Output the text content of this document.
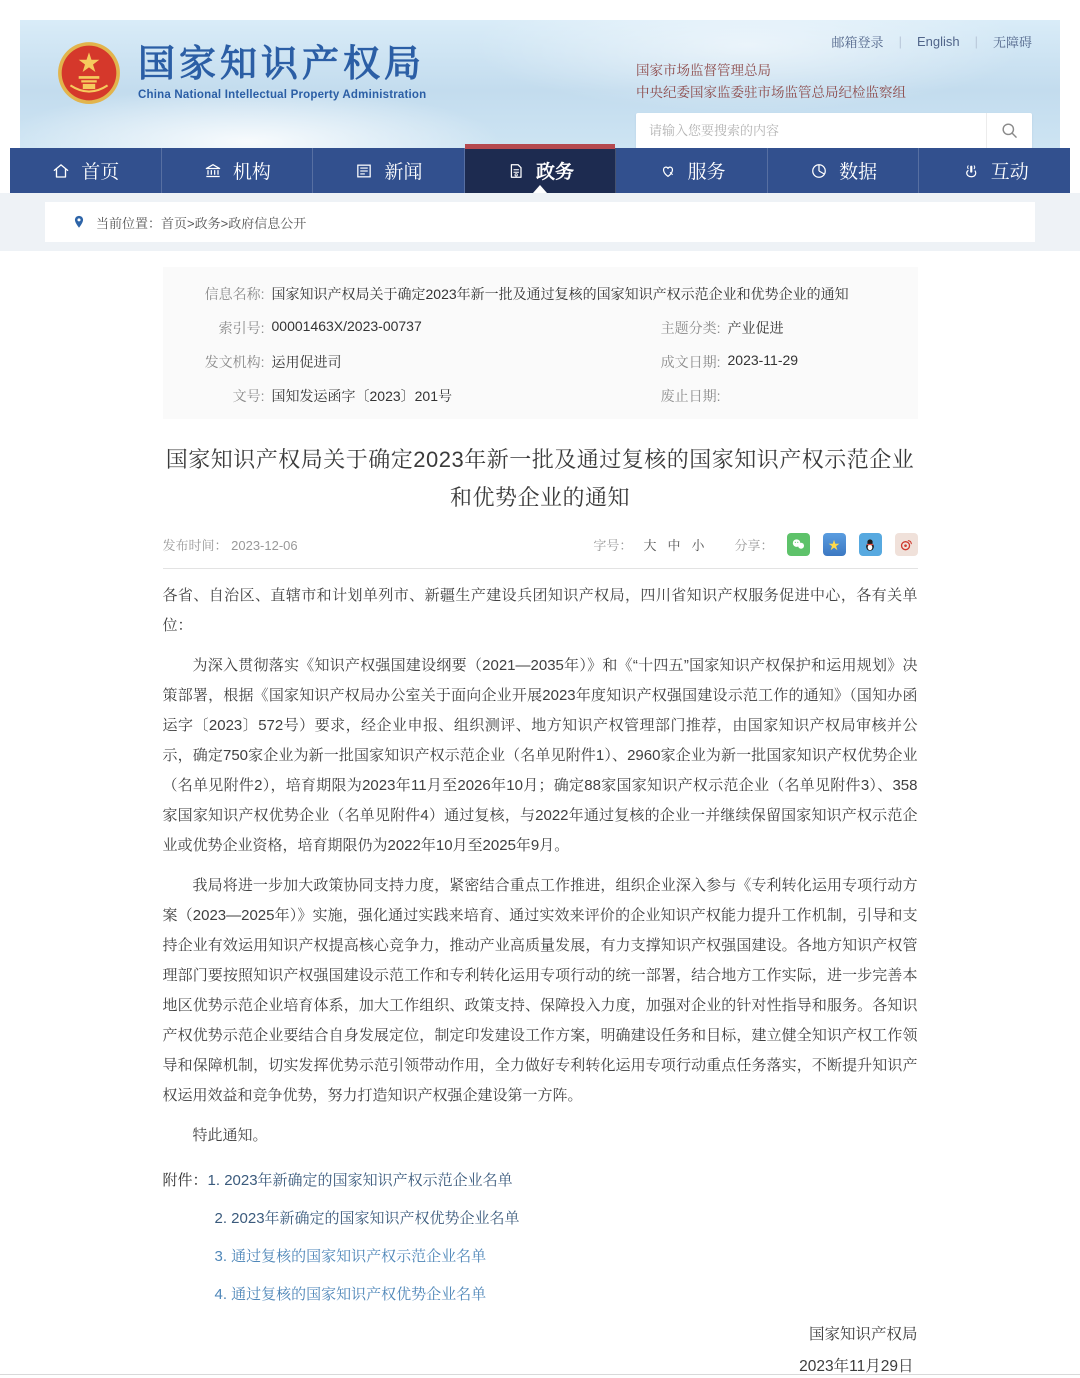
国家知识产权局
China National Intellectual Property Administration
邮箱登录 | English | 无障碍
国家市场监督管理总局
中央纪委国家监委驻市场监管总局纪检监察组
请输入您要搜索的内容
首页	机构	新闻	政务	服务	数据	互动
当前位置： 首页>政务>政府信息公开
信息名称: 国家知识产权局关于确定2023年新一批及通过复核的国家知识产权示范企业和优势企业的通知
索引号: 00001463X/2023-00737	主题分类: 产业促进
发文机构: 运用促进司	成文日期: 2023-11-29
文号: 国知发运函字〔2023〕201号	废止日期:
国家知识产权局关于确定2023年新一批及通过复核的国家知识产权示范企业
和优势企业的通知
发布时间： 2023-12-06	字号： 大 中 小 分享：	★

各省、自治区、直辖市和计划单列市、新疆生产建设兵团知识产权局，四川省知识产权服务促进中心，各有关单位：

为深入贯彻落实《知识产权强国建设纲要（2021—2035年）》和《“十四五”国家知识产权保护和运用规划》决策部署，根据《国家知识产权局办公室关于面向企业开展2023年度知识产权强国建设示范工作的通知》（国知办函运字〔2023〕572号）要求，经企业申报、组织测评、地方知识产权管理部门推荐，由国家知识产权局审核并公示，确定750家企业为新一批国家知识产权示范企业（名单见附件1）、2960家企业为新一批国家知识产权优势企业（名单见附件2），培育期限为2023年11月至2026年10月；确定88家国家知识产权示范企业（名单见附件3）、358家国家知识产权优势企业（名单见附件4）通过复核，与2022年通过复核的企业一并继续保留国家知识产权示范企业或优势企业资格，培育期限仍为2022年10月至2025年9月。

我局将进一步加大政策协同支持力度，紧密结合重点工作推进，组织企业深入参与《专利转化运用专项行动方案（2023—2025年）》实施，强化通过实践来培育、通过实效来评价的企业知识产权能力提升工作机制，引导和支持企业有效运用知识产权提高核心竞争力，推动产业高质量发展，有力支撑知识产权强国建设。各地方知识产权管理部门要按照知识产权强国建设示范工作和专利转化运用专项行动的统一部署，结合地方工作实际，进一步完善本地区优势示范企业培育体系，加大工作组织、政策支持、保障投入力度，加强对企业的针对性指导和服务。各知识产权优势示范企业要结合自身发展定位，制定印发建设工作方案，明确建设任务和目标，建立健全知识产权工作领导和保障机制，切实发挥优势示范引领带动作用，全力做好专利转化运用专项行动重点任务落实，不断提升知识产权运用效益和竞争优势，努力打造知识产权强企建设第一方阵。

特此通知。

附件： 1. 2023年新确定的国家知识产权示范企业名单
2. 2023年新确定的国家知识产权优势企业名单
3. 通过复核的国家知识产权示范企业名单
4. 通过复核的国家知识产权优势企业名单
国家知识产权局
2023年11月29日
